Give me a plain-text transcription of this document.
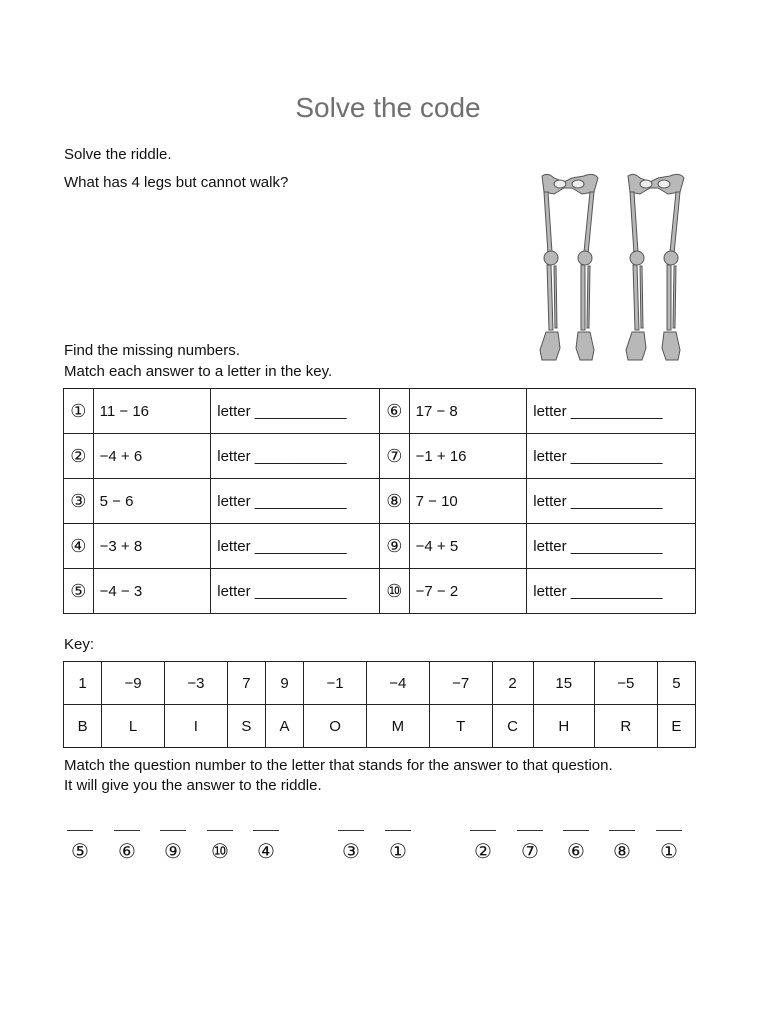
Solve the code
Solve the riddle.
What has 4 legs but cannot walk?
Find the missing numbers.
Match each answer to a letter in the key.
①	11 − 16	letter ___________	⑥	17 − 8	letter ___________
②	−4 + 6	letter ___________	⑦	−1 + 16	letter ___________
③	5 − 6	letter ___________	⑧	7 − 10	letter ___________
④	−3 + 8	letter ___________	⑨	−4 + 5	letter ___________
⑤	−4 − 3	letter ___________	⑩	−7 − 2	letter ___________
Key:
1	−9	−3	7	9	−1	−4	−7	2	15	−5	5
B	L	I	S	A	O	M	T	C	H	R	E
Match the question number to the letter that stands for the answer to that question.
It will give you the answer to the riddle.
⑤	⑥	⑨	⑩	④	③	①	②	⑦	⑥	⑧	①
